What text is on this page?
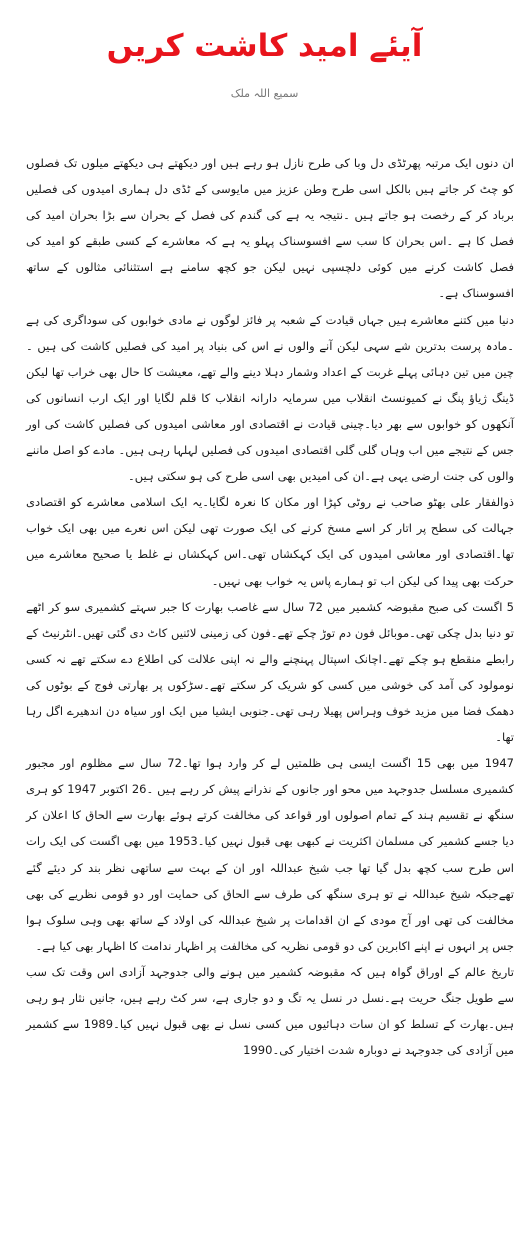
آیئے امید کاشت کریں
سمیع اللہ ملک

ان دنوں ایک مرتبہ پھرٹڈی دل وبا کی طرح نازل ہو رہے ہیں اور دیکھتے ہی دیکھتے میلوں تک فصلوں کو چٹ کر جاتے ہیں بالکل اسی طرح وطن عزیز میں مایوسی کے ٹڈی دل ہماری امیدوں کی فصلیں برباد کر کے رخصت ہو جاتے ہیں ۔نتیجہ یہ ہے کی گندم کی فصل کے بحران سے بڑا بحران امید کی فصل کا ہے ۔اس بحران کا سب سے افسوسناک پہلو یہ ہے کہ معاشرے کے کسی طبقے کو امید کی فصل کاشت کرنے میں کوئی دلچسپی نہیں لیکن جو کچھ سامنے ہے استثنائی مثالوں کے ساتھ افسوسناک ہے۔

دنیا میں کتنے معاشرے ہیں جہاں قیادت کے شعبہ پر فائز لوگوں نے مادی خوابوں کی سوداگری کی ہے ۔مادہ پرست بدترین شے سہی لیکن آنے والوں نے اس کی بنیاد پر امید کی فصلیں کاشت کی ہیں ۔چین میں تین دہائی پہلے غربت کے اعداد وشمار دہلا دینے والے تھے، معیشت کا حال بھی خراب تھا لیکن ڈینگ ژیاؤ پنگ نے کمیونسٹ انقلاب میں سرمایہ دارانہ انقلاب کا قلم لگایا اور ایک ارب انسانوں کی آنکھوں کو خوابوں سے بھر دیا۔چینی قیادت نے اقتصادی اور معاشی امیدوں کی فصلیں کاشت کی اور جس کے نتیجے میں اب وہاں گلی گلی اقتصادی امیدوں کی فصلیں لہلہا رہی ہیں۔ مادے کو اصل ماننے والوں کی جنت ارضی یہی ہے۔ان کی امیدیں بھی اسی طرح کی ہو سکتی ہیں۔

ذوالفقار علی بھٹو صاحب نے روٹی کپڑا اور مکان کا نعرہ لگایا۔یہ ایک اسلامی معاشرے کو اقتصادی جہالت کی سطح پر اتار کر اسے مسخ کرنے کی ایک صورت تھی لیکن اس نعرے میں بھی ایک خواب تھا۔اقتصادی اور معاشی امیدوں کی ایک کہکشاں تھی۔اس کہکشاں نے غلط یا صحیح معاشرے میں حرکت بھی پیدا کی لیکن اب تو ہمارے پاس یہ خواب بھی نہیں۔

5 اگست کی صبح مقبوضہ کشمیر میں 72 سال سے غاصب بھارت کا جبر سہتے کشمیری سو کر اٹھے تو دنیا بدل چکی تھی۔موبائل فون دم توڑ چکے تھے۔فون کی زمینی لائنیں کاٹ دی گئی تھیں۔انٹرنیٹ کے رابطے منقطع ہو چکے تھے۔اچانک اسپتال پہنچنے والے نہ اپنی علالت کی اطلاع دے سکتے تھے نہ کسی نومولود کی آمد کی خوشی میں کسی کو شریک کر سکتے تھے۔سڑکوں پر بھارتی فوج کے بوٹوں کی دھمک فضا میں مزید خوف وہراس پھیلا رہی تھی۔جنوبی ایشیا میں ایک اور سیاہ دن اندھیرے اگل رہا تھا۔

1947 میں بھی 15 اگست ایسی ہی ظلمتیں لے کر وارد ہوا تھا۔72 سال سے مظلوم اور مجبور کشمیری مسلسل جدوجہد میں محو اور جانوں کے نذرانے پیش کر رہے ہیں ۔26 اکتوبر 1947 کو ہری سنگھ نے تقسیم ہند کے تمام اصولوں اور قواعد کی مخالفت کرتے ہوئے بھارت سے الحاق کا اعلان کر دیا جسے کشمیر کی مسلمان اکثریت نے کبھی بھی قبول نہیں کیا۔1953 میں بھی اگست کی ایک رات اس طرح سب کچھ بدل گیا تھا جب شیخ عبداللہ اور ان کے بہت سے ساتھی نظر بند کر دیئے گئے تھےجبکہ شیخ عبداللہ نے تو ہری سنگھ کی طرف سے الحاق کی حمایت اور دو قومی نظریے کی بھی مخالفت کی تھی اور آج مودی کے ان اقدامات پر شیخ عبداللہ کی اولاد کے ساتھ بھی وہی سلوک ہوا جس پر انہوں نے اپنے اکابرین کی دو قومی نظریہ کی مخالفت پر اظہار ندامت کا اظہار بھی کیا ہے۔

تاریخ عالم کے اوراق گواہ ہیں کہ مقبوضہ کشمیر میں ہونے والی جدوجہد آزادی اس وقت تک سب سے طویل جنگ حریت ہے۔نسل در نسل یہ تگ و دو جاری ہے، سر کٹ رہے ہیں، جانیں نثار ہو رہی ہیں۔بھارت کے تسلط کو ان سات دہائیوں میں کسی نسل نے بھی قبول نہیں کیا۔1989 سے کشمیر میں آزادی کی جدوجہد نے دوبارہ شدت اختیار کی۔1990
